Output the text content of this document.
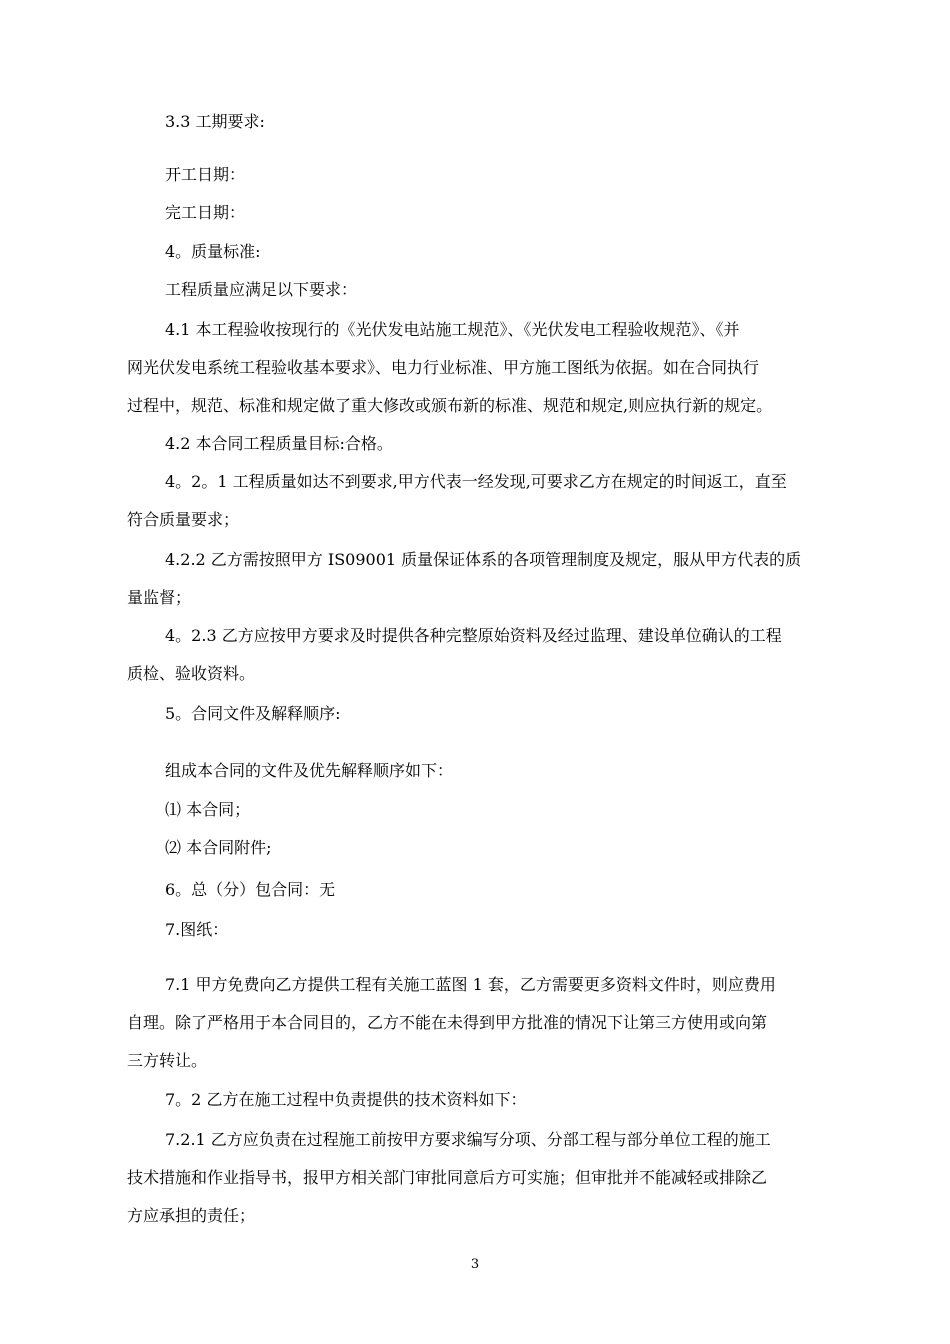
3.3 工期要求:

开工日期：

完工日期：

4。质量标准:

工程质量应满足以下要求：

4.1 本工程验收按现行的《光伏发电站施工规范》、《光伏发电工程验收规范》、《并

网光伏发电系统工程验收基本要求》、电力行业标准、甲方施工图纸为依据。如在合同执行

过程中，规范、标准和规定做了重大修改或颁布新的标准、规范和规定,则应执行新的规定。

4.2 本合同工程质量目标:合格。

4。2。1 工程质量如达不到要求,甲方代表一经发现,可要求乙方在规定的时间返工，直至

符合质量要求；

4.2.2 乙方需按照甲方 IS09001 质量保证体系的各项管理制度及规定，服从甲方代表的质

量监督；

4。2.3 乙方应按甲方要求及时提供各种完整原始资料及经过监理、建设单位确认的工程

质检、验收资料。

5。合同文件及解释顺序:

组成本合同的文件及优先解释顺序如下：

⑴ 本合同；

⑵ 本合同附件;

6。总（分）包合同：无

7.图纸：

7.1 甲方免费向乙方提供工程有关施工蓝图 1 套，乙方需要更多资料文件时，则应费用

自理。除了严格用于本合同目的，乙方不能在未得到甲方批准的情况下让第三方使用或向第

三方转让。

7。2 乙方在施工过程中负责提供的技术资料如下：

7.2.1 乙方应负责在过程施工前按甲方要求编写分项、分部工程与部分单位工程的施工

技术措施和作业指导书，报甲方相关部门审批同意后方可实施；但审批并不能减轻或排除乙

方应承担的责任；

3
